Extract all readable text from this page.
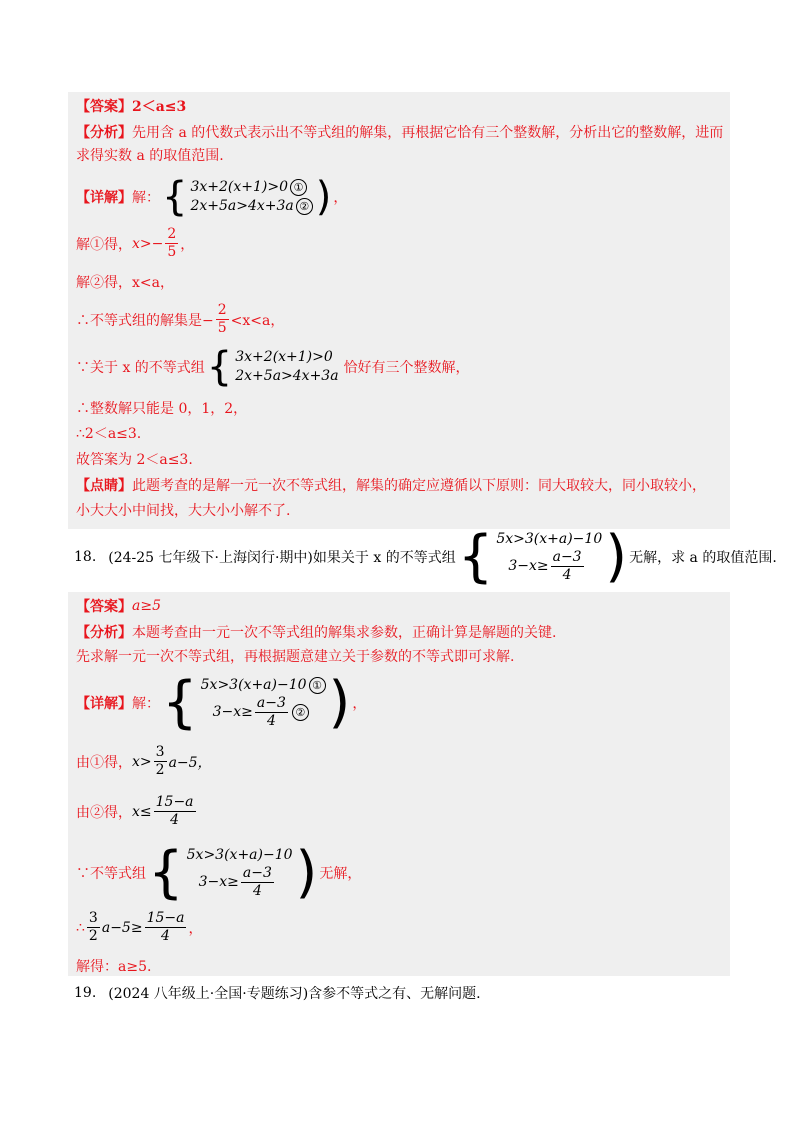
【答案】 2＜a≤3
【分析】 先用含 a 的代数式表示出不等式组的解集，再根据它恰有三个整数解，分析出它的整数解，进而
求得实数 a 的取值范围.
【详解】 解： { 3x+2(x+1)>0 ①
2x+5a>4x+3a ② ) ，
解①得， $x>- \frac{2}{5}$ ，
解②得，x<a，
∴不等式组的解集是− $\frac{2}{5} <x<a$，
∵关于 x 的不等式组 { 3x+2(x+1)>0
2x+5a>4x+3a 恰好有三个整数解，
∴整数解只能是 0，1，2，
∴2＜a≤3.
故答案为 2＜a≤3.
【点睛】 此题考查的是解一元一次不等式组，解集的确定应遵循以下原则：同大取较大，同小取较小，
小大大小中间找，大大小小解不了.
18. (24-25 七年级下·上海闵行·期中) 如果关于 x 的不等式组 { 5x>3(x+a)−10
$3-x\ge \frac{a-3}{4}$ ) 无解，求 a 的取值范围.
【答案】 a≥5
【分析】 本题考查由一元一次不等式组的解集求参数，正确计算是解题的关键.
先求解一元一次不等式组，再根据题意建立关于参数的不等式即可求解.
【详解】 解： { 5x>3(x+a)−10 ①
$3-x\ge \frac{a-3}{4}$ ② ) ，
由①得， $x> \frac{3}{2} a-5$，
由②得， $x\le \frac{15-a}{4}$
∵不等式组 { 5x>3(x+a)−10
$3-x\ge \frac{a-3}{4}$ ) 无解，
∴ $\frac{3}{2} a-5\ge \frac{15-a}{4}$ ，
解得：a≥5.
19. (2024 八年级上·全国·专题练习) 含参不等式之有、无解问题.
